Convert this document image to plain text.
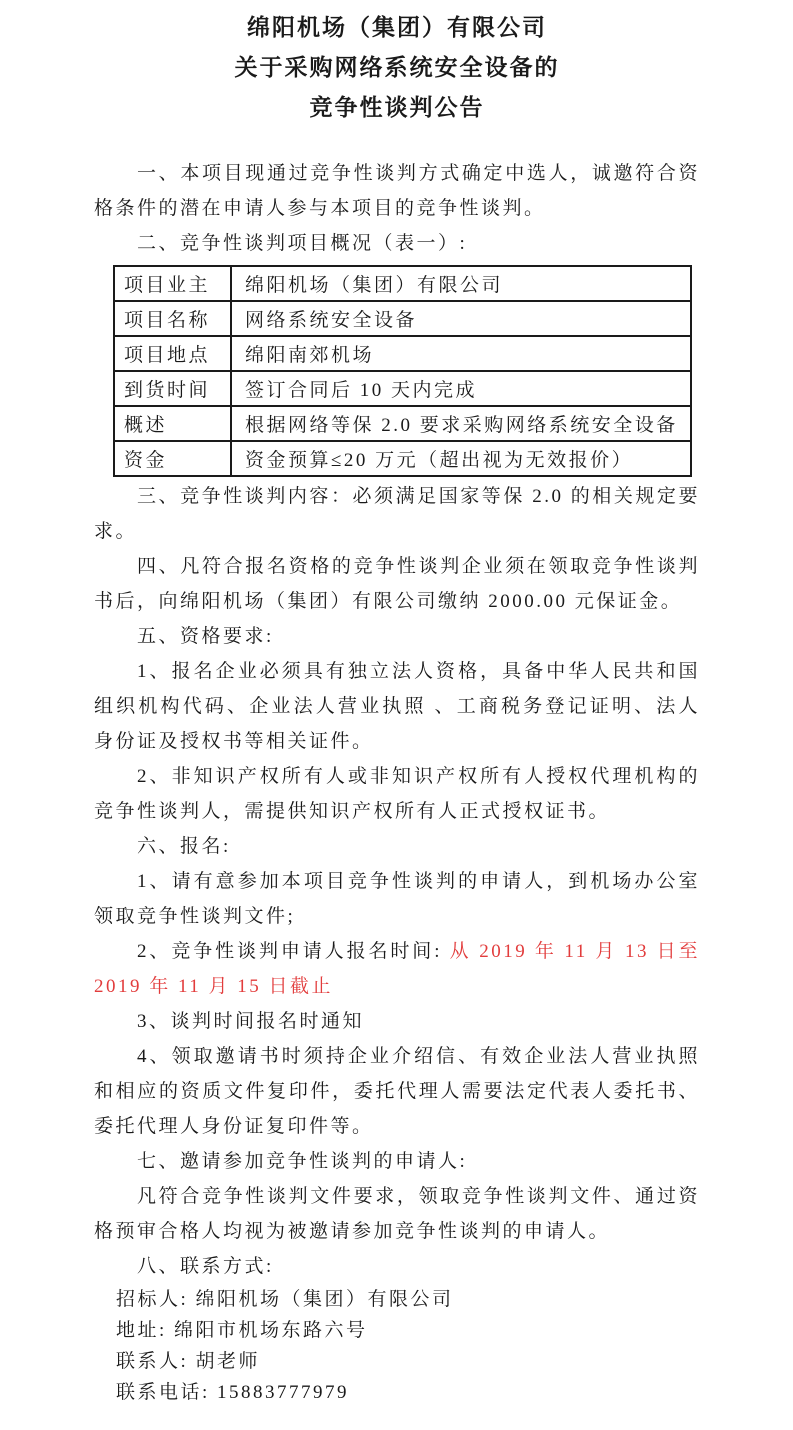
绵阳机场（集团）有限公司
关于采购网络系统安全设备的
竞争性谈判公告

一、本项目现通过竞争性谈判方式确定中选人，诚邀符合资格条件的潜在申请人参与本项目的竞争性谈判。

二、竞争性谈判项目概况（表一）:

项目业主	绵阳机场（集团）有限公司
项目名称	网络系统安全设备
项目地点	绵阳南郊机场
到货时间	签订合同后 10 天内完成
概述	根据网络等保 2.0 要求采购网络系统安全设备
资金	资金预算≤20 万元（超出视为无效报价）

三、竞争性谈判内容：必须满足国家等保 2.0 的相关规定要求。

四、凡符合报名资格的竞争性谈判企业须在领取竞争性谈判书后，向绵阳机场（集团）有限公司缴纳 2000.00 元保证金。

五、资格要求:

1、报名企业必须具有独立法人资格，具备中华人民共和国组织机构代码、企业法人营业执照 、工商税务登记证明、法人身份证及授权书等相关证件。

2、非知识产权所有人或非知识产权所有人授权代理机构的竞争性谈判人，需提供知识产权所有人正式授权证书。

六、报名:

1、请有意参加本项目竞争性谈判的申请人，到机场办公室领取竞争性谈判文件;

2、竞争性谈判申请人报名时间: 从 2019 年 11 月 13 日至 2019 年 11 月 15 日截止

3、谈判时间报名时通知

4、领取邀请书时须持企业介绍信、有效企业法人营业执照和相应的资质文件复印件，委托代理人需要法定代表人委托书、委托代理人身份证复印件等。

七、邀请参加竞争性谈判的申请人:

凡符合竞争性谈判文件要求，领取竞争性谈判文件、通过资格预审合格人均视为被邀请参加竞争性谈判的申请人。

八、联系方式:

招标人: 绵阳机场（集团）有限公司

地址: 绵阳市机场东路六号

联系人: 胡老师

联系电话: 15883777979
